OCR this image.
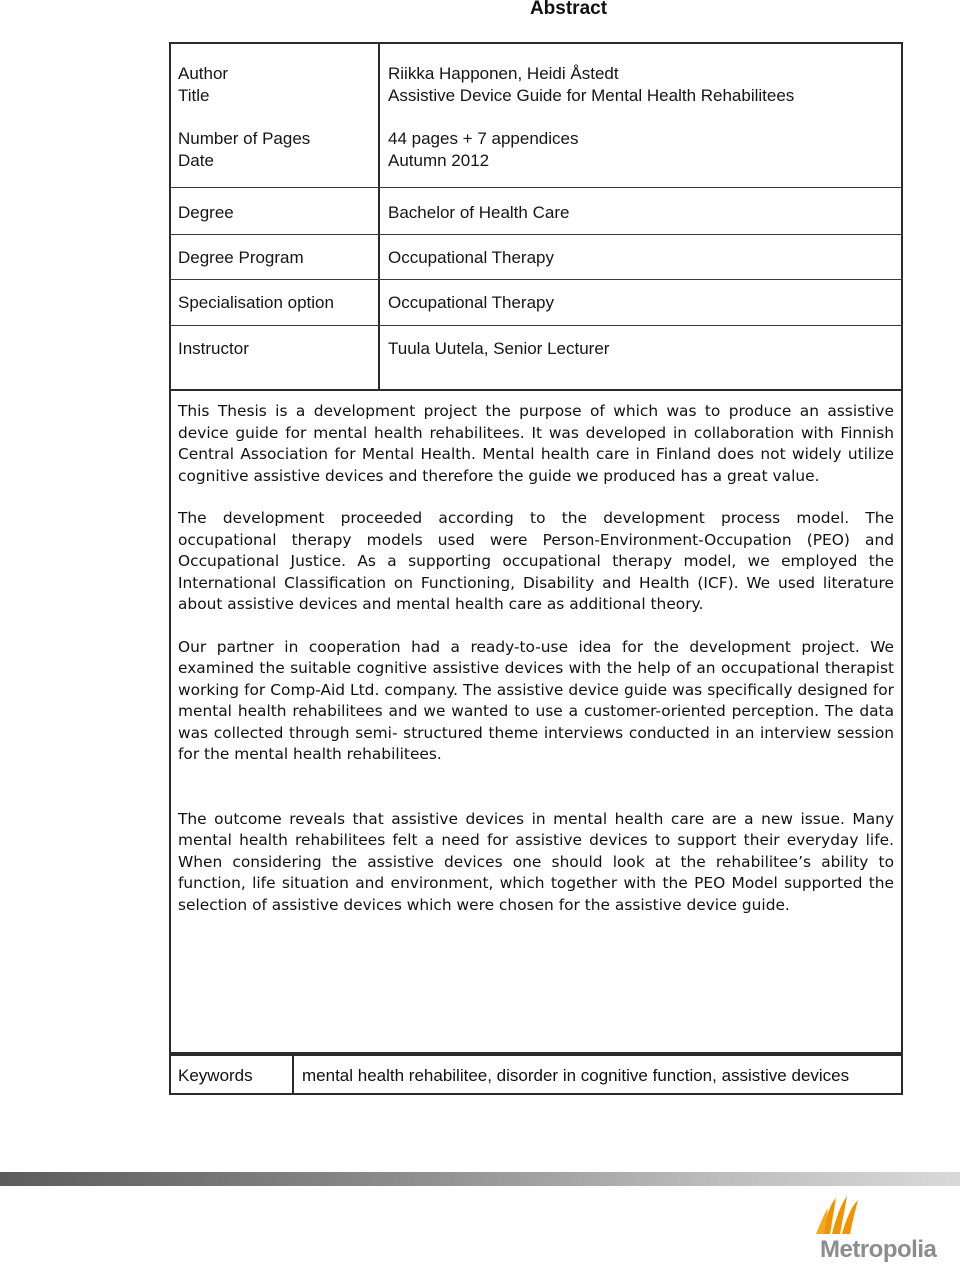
Abstract
Author
Title
Number of Pages
Date
Degree
Degree Program
Specialisation option
Instructor
Riikka Happonen, Heidi Åstedt
Assistive Device Guide for Mental Health Rehabilitees
44 pages + 7 appendices
Autumn 2012
Bachelor of Health Care
Occupational Therapy
Occupational Therapy
Tuula Uutela, Senior Lecturer

This Thesis is a development project the purpose of which was to produce an assistive device guide for mental health rehabilitees. It was developed in collaboration with Finnish Central Association for Mental Health. Mental health care in Finland does not widely utilize cognitive assistive devices and therefore the guide we produced has a great value.

The development proceeded according to the development process model. The occupational therapy models used were Person-Environment-Occupation (PEO) and Occupational Justice. As a supporting occupational therapy model, we employed the International Classification on Functioning, Disability and Health (ICF). We used literature about assistive devices and mental health care as additional theory.

Our partner in cooperation had a ready-to-use idea for the development project. We examined the suitable cognitive assistive devices with the help of an occupational therapist working for Comp-Aid Ltd. company. The assistive device guide was specifically designed for mental health rehabilitees and we wanted to use a customer-oriented perception. The data was collected through semi- structured theme interviews conducted in an interview session for the mental health rehabilitees.

The outcome reveals that assistive devices in mental health care are a new issue. Many mental health rehabilitees felt a need for assistive devices to support their everyday life. When considering the assistive devices one should look at the rehabilitee’s ability to function, life situation and environment, which together with the PEO Model supported the selection of assistive devices which were chosen for the assistive device guide.

Keywords	mental health rehabilitee, disorder in cognitive function, assistive devices
Metropolia
